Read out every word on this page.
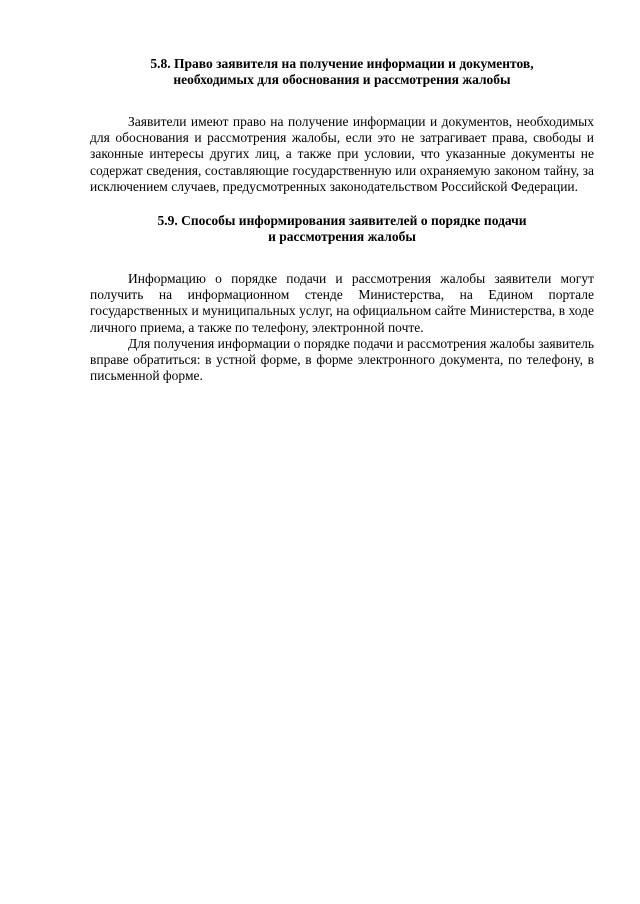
5.8. Право заявителя на получение информации и документов,
необходимых для обоснования и рассмотрения жалобы

Заявители имеют право на получение информации и документов, необходимых для обоснования и рассмотрения жалобы, если это не затрагивает права, свободы и законные интересы других лиц, а также при условии, что указанные документы не содержат сведения, составляющие государственную или охраняемую законом тайну, за исключением случаев, предусмотренных законодательством Российской Федерации.

5.9. Способы информирования заявителей о порядке подачи
и рассмотрения жалобы

Информацию о порядке подачи и рассмотрения жалобы заявители могут получить на информационном стенде Министерства, на Едином портале государственных и муниципальных услуг, на официальном сайте Министерства, в ходе личного приема, а также по телефону, электронной почте.

Для получения информации о порядке подачи и рассмотрения жалобы заявитель вправе обратиться: в устной форме, в форме электронного документа, по телефону, в письменной форме.
